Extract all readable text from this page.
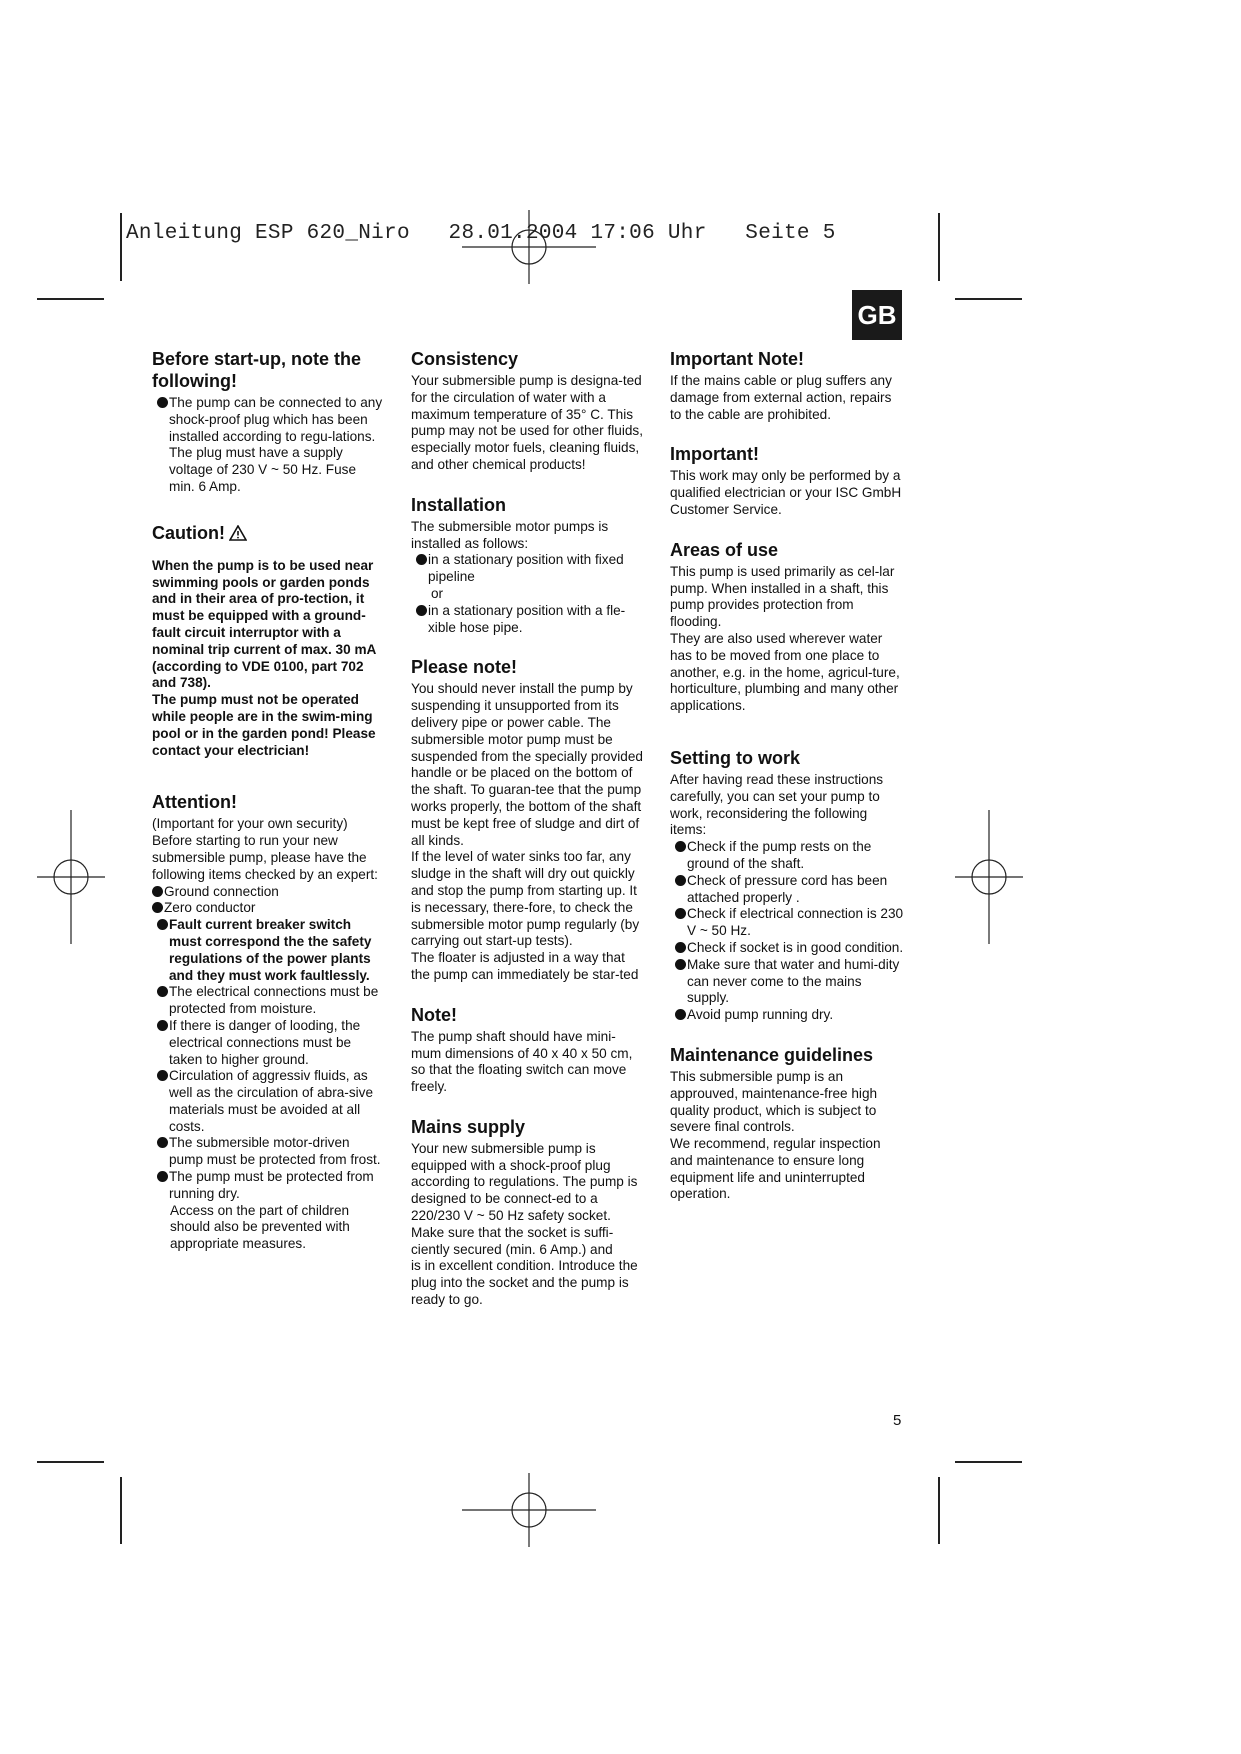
Anleitung ESP 620_Niro   28.01.2004 17:06 Uhr   Seite 5
GB
Before start-up, note the following!
The pump can be connected to any shock-proof plug which has been installed according to regu-lations. The plug must have a supply voltage of 230 V ~ 50 Hz. Fuse min. 6 Amp.
Caution!

When the pump is to be used near swimming pools or garden ponds and in their area of pro-tection, it must be equipped with a ground-fault circuit interruptor with a nominal trip current of max. 30 mA (according to VDE 0100, part 702 and 738).

The pump must not be operated while people are in the swim-ming pool or in the garden pond! Please contact your electrician!

Attention!

(Important for your own security) Before starting to run your new submersible pump, please have the following items checked by an expert:

Ground connection
Zero conductor
Fault current breaker switch must correspond the the safety regulations of the power plants and they must work faultlessly.
The electrical connections must be protected from moisture.
If there is danger of looding, the electrical connections must be taken to higher ground.
Circulation of aggressiv fluids, as well as the circulation of abra-sive materials must be avoided at all costs.
The submersible motor-driven pump must be protected from frost.
The pump must be protected from running dry.

Access on the part of children should also be prevented with appropriate measures.

Consistency

Your submersible pump is designa-ted for the circulation of water with a maximum temperature of 35° C. This pump may not be used for other fluids, especially motor fuels, cleaning fluids, and other chemical products!

Installation

The submersible motor pumps is installed as follows:

in a stationary position with fixed pipeline
or
in a stationary position with a fle-xible hose pipe.
Please note!

You should never install the pump by suspending it unsupported from its delivery pipe or power cable. The submersible motor pump must be suspended from the specially provided handle or be placed on the bottom of the shaft. To guaran-tee that the pump works properly, the bottom of the shaft must be kept free of sludge and dirt of all kinds.

If the level of water sinks too far, any sludge in the shaft will dry out quickly and stop the pump from starting up. It is necessary, there-fore, to check the submersible motor pump regularly (by carrying out start-up tests).

The floater is adjusted in a way that the pump can immediately be star-ted

Note!

The pump shaft should have mini-mum dimensions of 40 x 40 x 50 cm, so that the floating switch can move freely.

Mains supply

Your new submersible pump is equipped with a shock-proof plug according to regulations. The pump is designed to be connect-ed to a 220/230 V ~ 50 Hz safety socket. Make sure that the socket is suffi-ciently secured (min. 6 Amp.) and

is in excellent condition. Introduce the plug into the socket and the pump is ready to go.

Important Note!

If the mains cable or plug suffers any damage from external action, repairs to the cable are prohibited.

Important!

This work may only be performed by a qualified electrician or your ISC GmbH Customer Service.

Areas of use

This pump is used primarily as cel-lar pump. When installed in a shaft, this pump provides protection from flooding.

They are also used wherever water has to be moved from one place to another, e.g. in the home, agricul-ture, horticulture, plumbing and many other applications.

Setting to work

After having read these instructions carefully, you can set your pump to work, reconsidering the following items:

Check if the pump rests on the ground of the shaft.
Check of pressure cord has been attached properly .
Check if electrical connection is 230 V ~ 50 Hz.
Check if socket is in good condition.
Make sure that water and humi-dity can never come to the mains supply.
Avoid pump running dry.
Maintenance guidelines

This submersible pump is an approuved, maintenance-free high quality product, which is subject to severe final controls.

We recommend, regular inspection and maintenance to ensure long equipment life and uninterrupted operation.

5
